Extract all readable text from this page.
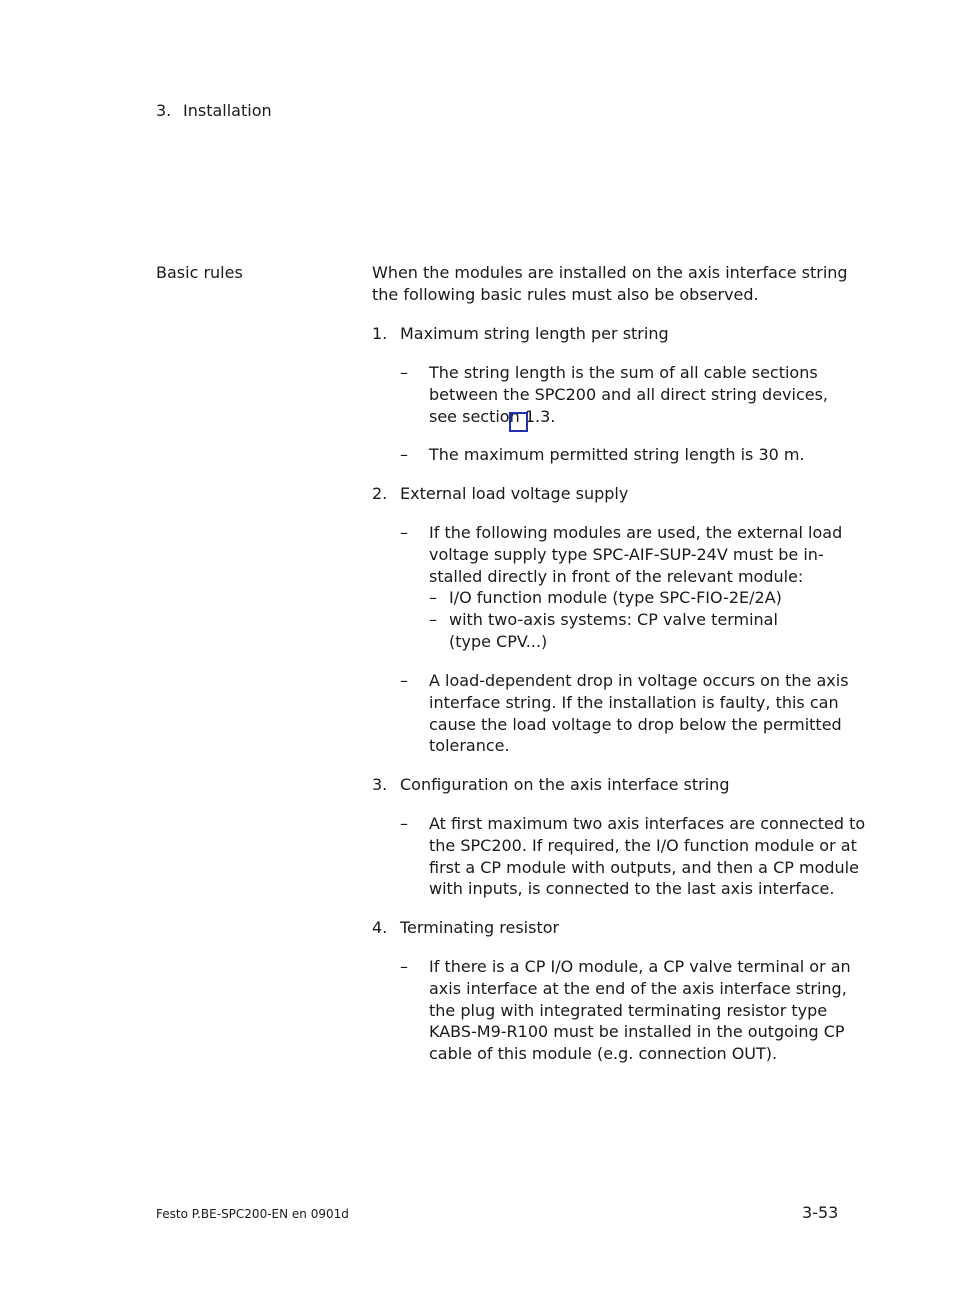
3. Installation
Basic rules	When the modules are installed on the axis interface string
the following basic rules must also be observed.
1. Maximum string length per string
–	The string length is the sum of all cable sections
between the SPC200 and all direct string devices,
see section 1.3.
–	The maximum permitted string length is 30 m.
2. External load voltage supply
–	If the following modules are used, the external load
voltage supply type SPC-AIF-SUP-24V must be in-
stalled directly in front of the relevant module:
– I/O function module (type SPC-FIO-2E/2A)
– with two-axis systems: CP valve terminal
(type CPV...)
–	A load-dependent drop in voltage occurs on the axis
interface string. If the installation is faulty, this can
cause the load voltage to drop below the permitted
tolerance.
3. Configuration on the axis interface string
–	At first maximum two axis interfaces are connected to
the SPC200. If required, the I/O function module or at
first a CP module with outputs, and then a CP module
with inputs, is connected to the last axis interface.
4. Terminating resistor
–	If there is a CP I/O module, a CP valve terminal or an
axis interface at the end of the axis interface string,
the plug with integrated terminating resistor type
KABS-M9-R100 must be installed in the outgoing CP
cable of this module (e.g. connection OUT).
Festo P.BE-SPC200-EN en 0901d	3-53
